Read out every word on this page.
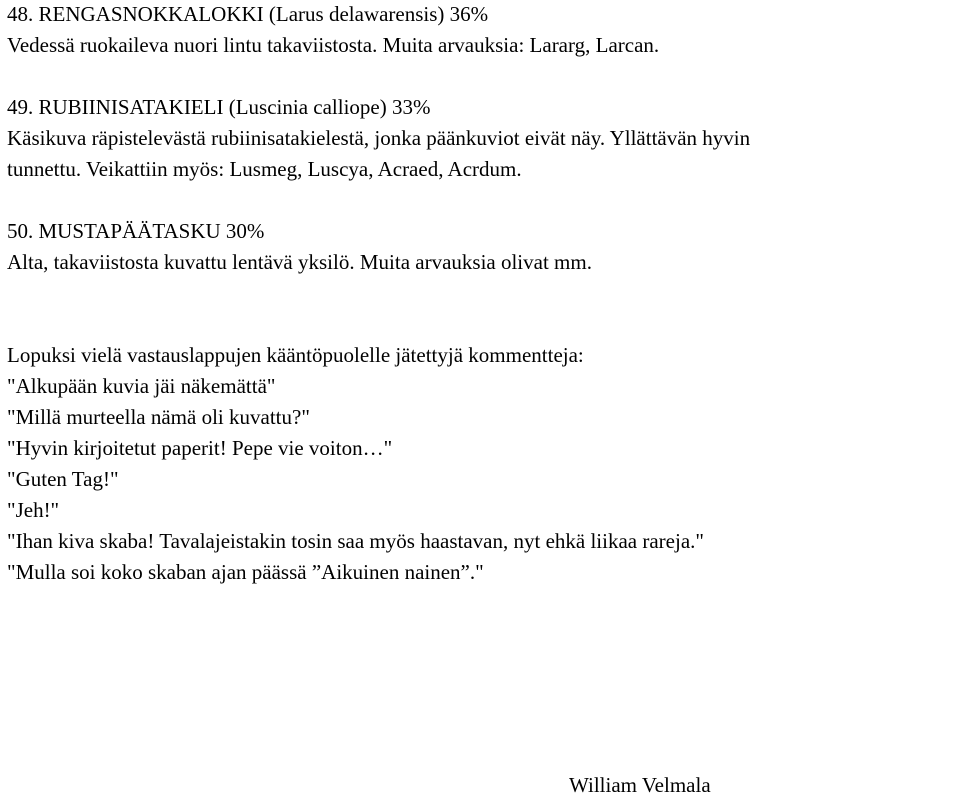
48. RENGASNOKKALOKKI (Larus delawarensis) 36%
Vedessä ruokaileva nuori lintu takaviistosta. Muita arvauksia: Lararg, Larcan.
49. RUBIINISATAKIELI (Luscinia calliope) 33%
Käsikuva räpistelevästä rubiinisatakielestä, jonka päänkuviot eivät näy. Yllättävän hyvin
tunnettu. Veikattiin myös: Lusmeg, Luscya, Acraed, Acrdum.
50. MUSTAPÄÄTASKU 30%
Alta, takaviistosta kuvattu lentävä yksilö. Muita arvauksia olivat mm.
Lopuksi vielä vastauslappujen kääntöpuolelle jätettyjä kommentteja:
"Alkupään kuvia jäi näkemättä"
"Millä murteella nämä oli kuvattu?"
"Hyvin kirjoitetut paperit! Pepe vie voiton…"
"Guten Tag!"
"Jeh!"
"Ihan kiva skaba! Tavalajeistakin tosin saa myös haastavan, nyt ehkä liikaa rareja."
"Mulla soi koko skaban ajan päässä ”Aikuinen nainen”."
William Velmala
